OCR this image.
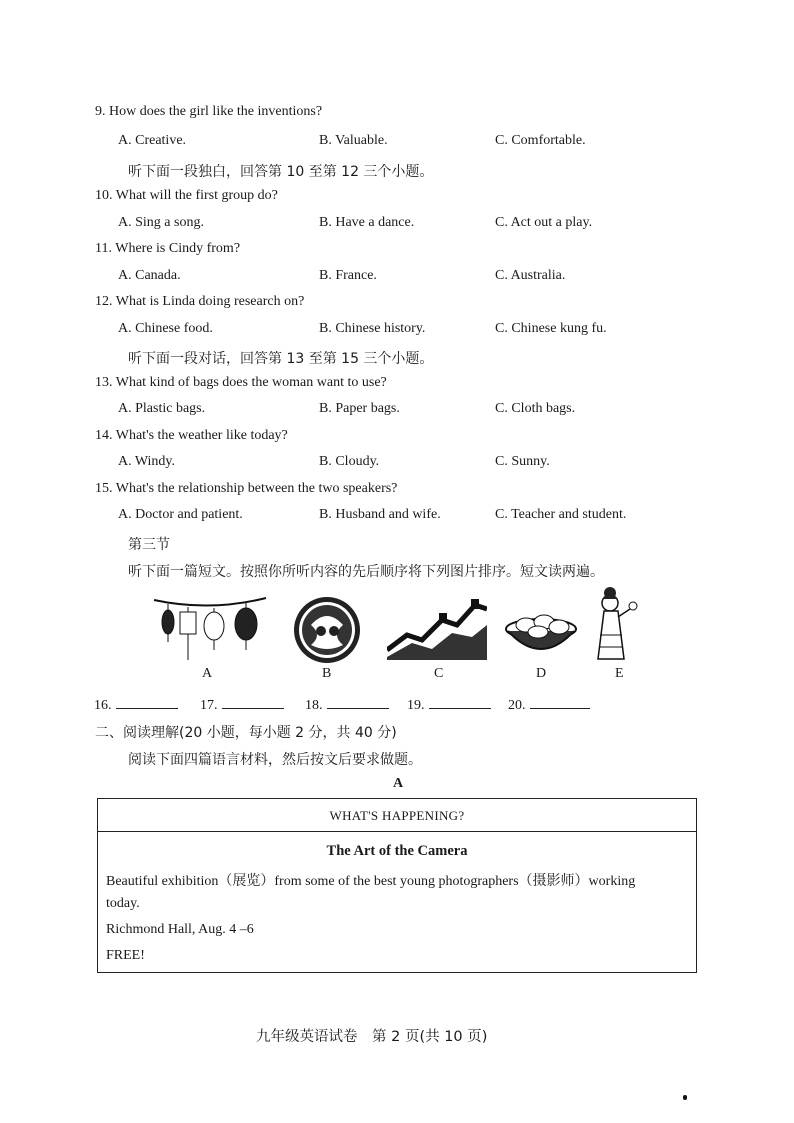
9. How does the girl like the inventions?
A. Creative.	B. Valuable.	C. Comfortable.
听下面一段独白，回答第 10 至第 12 三个小题。
10. What will the first group do?
A. Sing a song.	B. Have a dance.	C. Act out a play.
11. Where is Cindy from?
A. Canada.	B. France.	C. Australia.
12. What is Linda doing research on?
A. Chinese food.	B. Chinese history.	C. Chinese kung fu.
听下面一段对话，回答第 13 至第 15 三个小题。
13. What kind of bags does the woman want to use?
A. Plastic bags.	B. Paper bags.	C. Cloth bags.
14. What's the weather like today?
A. Windy.	B. Cloudy.	C. Sunny.
15. What's the relationship between the two speakers?
A. Doctor and patient.	B. Husband and wife.	C. Teacher and student.
第三节
听下面一篇短文。按照你所听内容的先后顺序将下列图片排序。短文读两遍。
A	B	C	D	E
16.	17.	18.	19.	20.
二、阅读理解(20 小题，每小题 2 分，共 40 分)
阅读下面四篇语言材料，然后按文后要求做题。
A
WHAT'S HAPPENING?
The Art of the Camera
Beautiful exhibition（展览）from some of the best young photographers（摄影师）working
today.
Richmond Hall, Aug. 4 –6
FREE!
九年级英语试卷　第 2 页(共 10 页)
